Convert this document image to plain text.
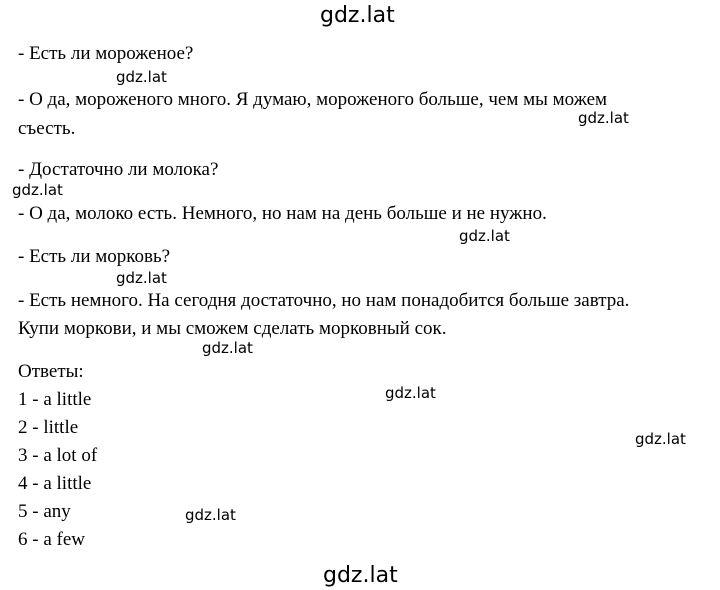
gdz.lat
gdz.lat
gdz.lat
gdz.lat
gdz.lat
gdz.lat
gdz.lat
gdz.lat
gdz.lat
gdz.lat
gdz.lat
- Есть ли мороженое?
- О да, мороженого много. Я думаю, мороженого больше, чем мы можем
съесть.
- Достаточно ли молока?
- О да, молоко есть. Немного, но нам на день больше и не нужно.
- Есть ли морковь?
- Есть немного. На сегодня достаточно, но нам понадобится больше завтра.
Купи моркови, и мы сможем сделать морковный сок.
Ответы:
1 - a little
2 - little
3 - a lot of
4 - a little
5 - any
6 - a few
